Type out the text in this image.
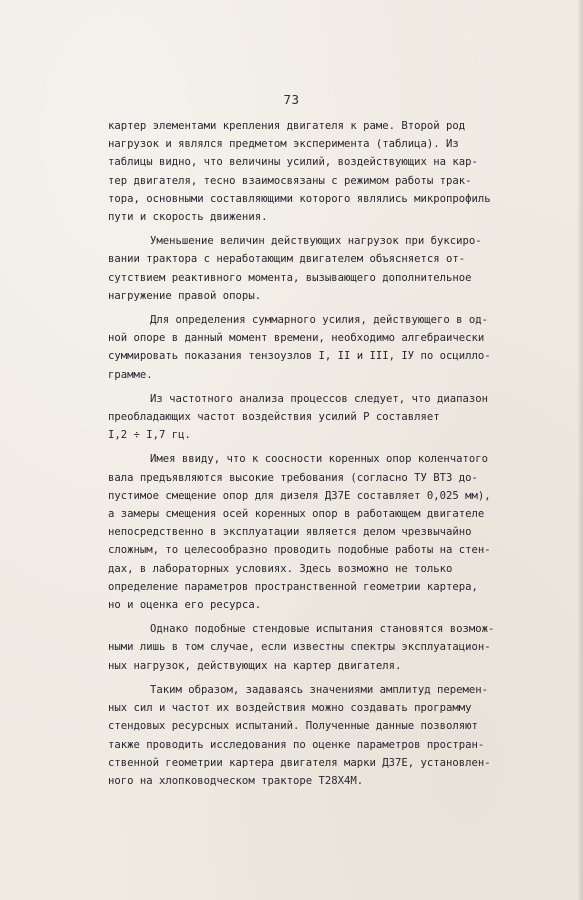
73

картер элементами крепления двигателя к раме. Второй род
нагрузок и являлся предметом эксперимента (таблица). Из
таблицы видно, что величины усилий, воздействующих на кар-
тер двигателя, тесно взаимосвязаны с режимом работы трак-
тора, основными составляющими которого являлись микропрофиль
пути и скорость движения.

Уменьшение величин действующих нагрузок при буксиро-
вании трактора с неработающим двигателем объясняется от-
сутствием реактивного момента, вызывающего дополнительное
нагружение правой опоры.

Для определения суммарного усилия, действующего в од-
ной опоре в данный момент времени, необходимо алгебраически
суммировать показания тензоузлов I, II и III, IУ по осцилло-
грамме.

Из частотного анализа процессов следует, что диапазон
преобладающих частот воздействия усилий Р составляет
I,2 ÷ I,7 гц.

Имея ввиду, что к соосности коренных опор коленчатого
вала предъявляются высокие требования (согласно ТУ ВТЗ до-
пустимое смещение опор для дизеля Д37Е составляет 0,025 мм),
а замеры смещения осей коренных опор в работающем двигателе
непосредственно в эксплуатации является делом чрезвычайно
сложным, то целесообразно проводить подобные работы на стен-
дах, в лабораторных условиях. Здесь возможно не только
определение параметров пространственной геометрии картера,
но и оценка его ресурса.

Однако подобные стендовые испытания становятся возмож-
ными лишь в том случае, если известны спектры эксплуатацион-
ных нагрузок, действующих на картер двигателя.

Таким образом, задаваясь значениями амплитуд перемен-
ных сил и частот их воздействия можно создавать программу
стендовых ресурсных испытаний. Полученные данные позволяют
также проводить исследования по оценке параметров простран-
ственной геометрии картера двигателя марки Д37Е, установлен-
ного на хлопководческом тракторе Т28Х4М.
